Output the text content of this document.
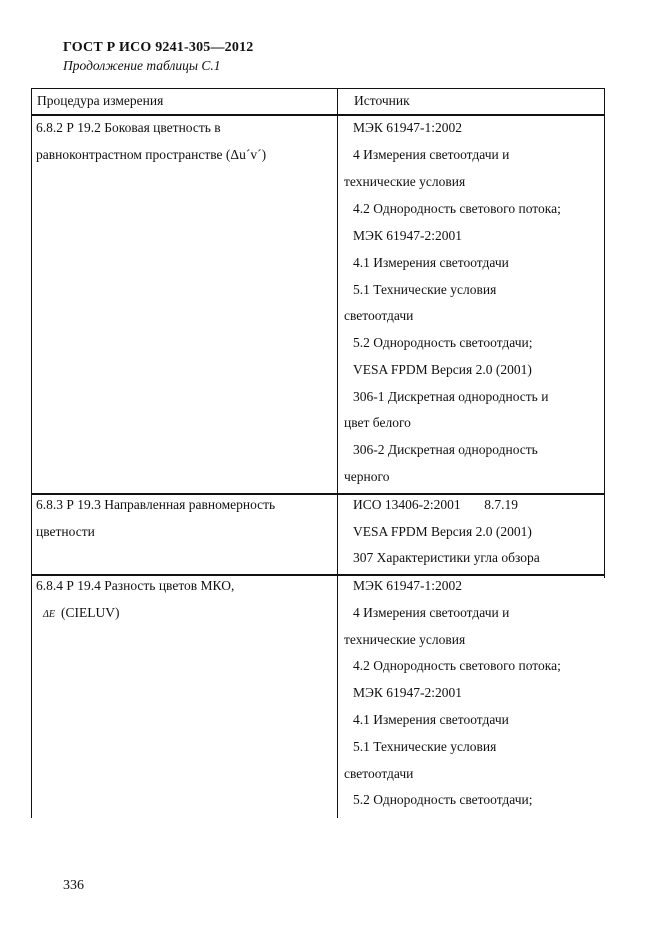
ГОСТ Р ИСО 9241-305—2012
Продолжение таблицы С.1
Процедура измерения	Источник
6.8.2 Р 19.2 Боковая цветность в
равноконтрастном пространстве (Δu´v´)
МЭК 61947-1:2002
4 Измерения светоотдачи и
технические условия
4.2 Однородность светового потока;
МЭК 61947-2:2001
4.1 Измерения светоотдачи
5.1 Технические условия
светоотдачи
5.2 Однородность светоотдачи;
VESA FPDM Версия 2.0 (2001)
306-1 Дискретная однородность и
цвет белого
306-2 Дискретная однородность
черного
6.8.3 Р 19.3 Направленная равномерность
цветности
ИСО 13406-2:2001       8.7.19
VESA FPDM Версия 2.0 (2001)
307 Характеристики угла обзора
6.8.4 Р 19.4 Разность цветов МКО,
ΔE (CIELUV)
МЭК 61947-1:2002
4 Измерения светоотдачи и
технические условия
4.2 Однородность светового потока;
МЭК 61947-2:2001
4.1 Измерения светоотдачи
5.1 Технические условия
светоотдачи
5.2 Однородность светоотдачи;
336
